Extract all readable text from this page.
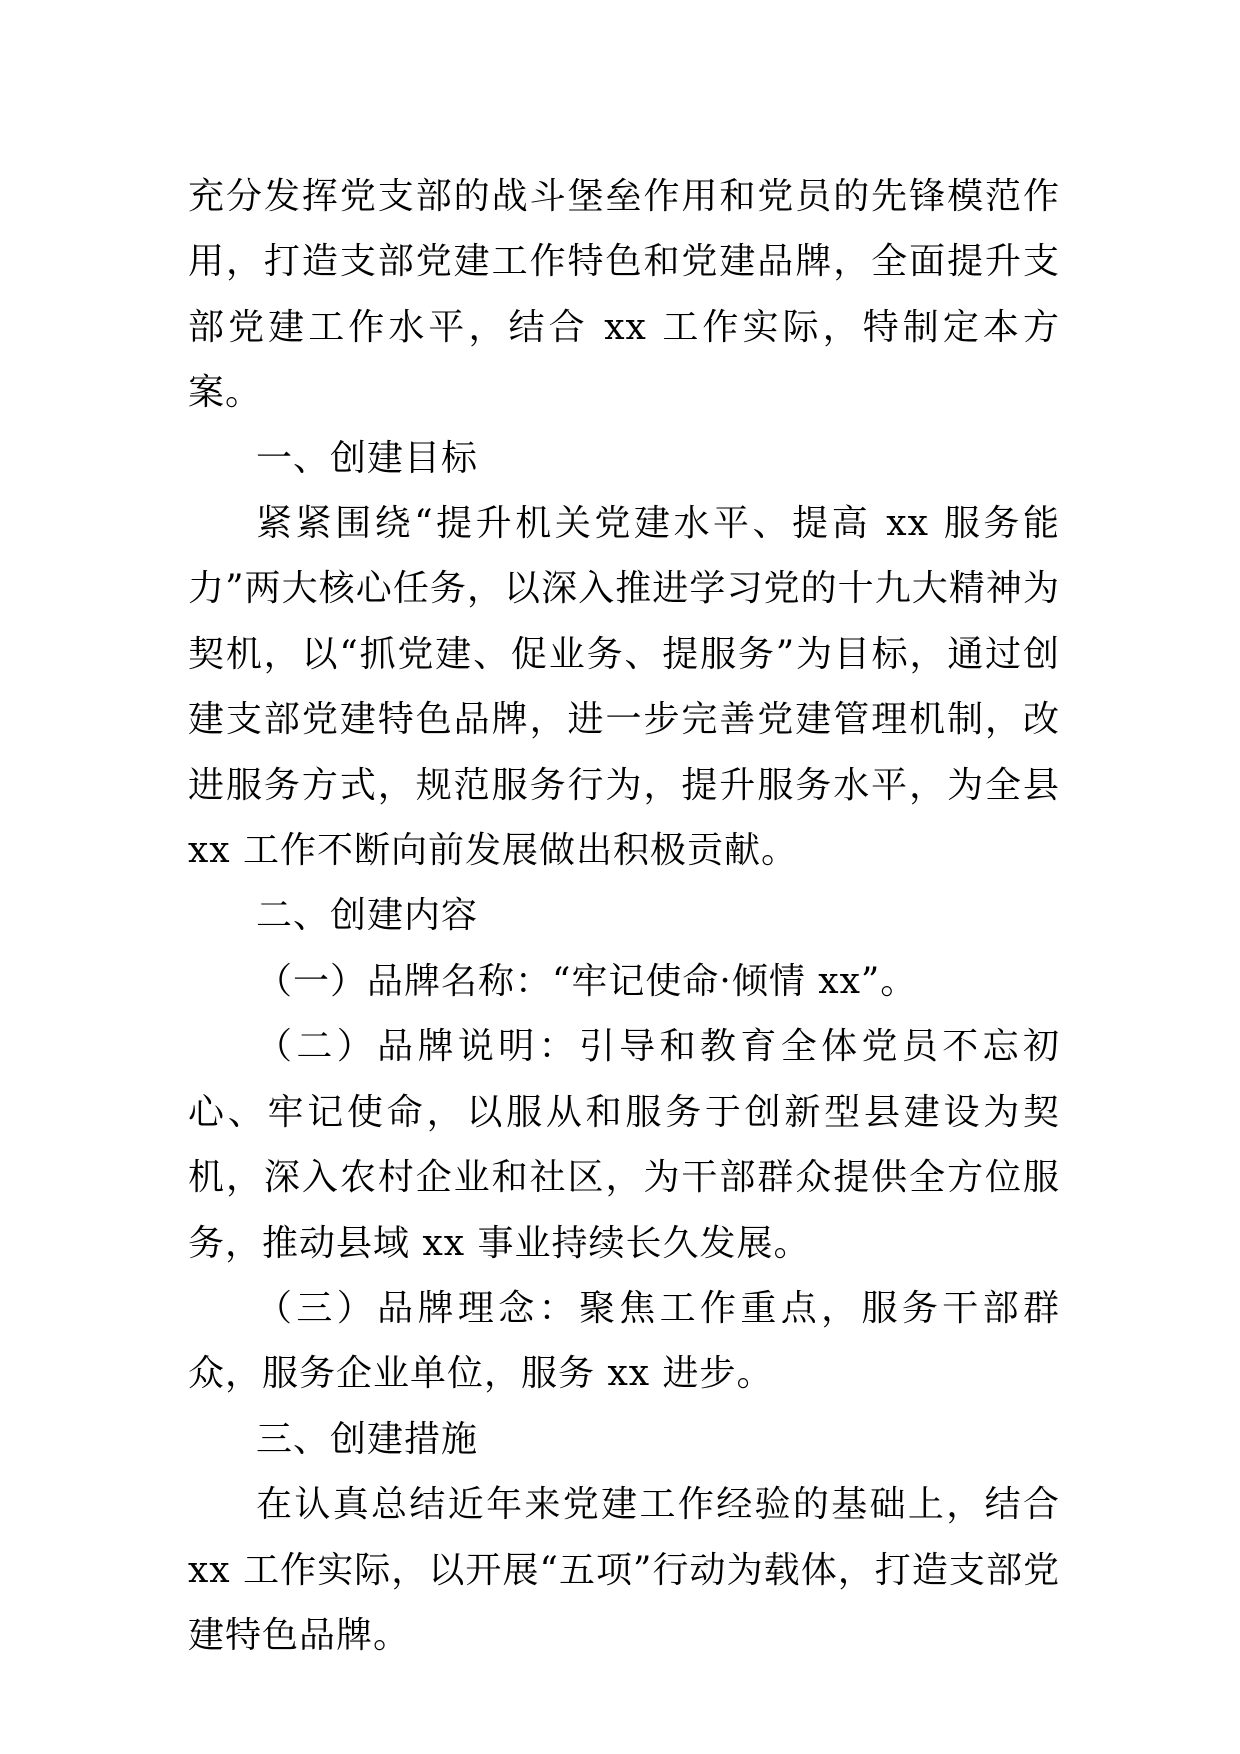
充分发挥党支部的战斗堡垒作用和党员的先锋模范作用，打造支部党建工作特色和党建品牌，全面提升支部党建工作水平，结合 xx 工作实际，特制定本方案。

一、创建目标

紧紧围绕“提升机关党建水平、提高 xx 服务能力”两大核心任务，以深入推进学习党的十九大精神为契机，以“抓党建、促业务、提服务”为目标，通过创建支部党建特色品牌，进一步完善党建管理机制，改进服务方式，规范服务行为，提升服务水平，为全县 xx 工作不断向前发展做出积极贡献。

二、创建内容

（一）品牌名称：“牢记使命·倾情 xx”。

（二）品牌说明：引导和教育全体党员不忘初心、牢记使命，以服从和服务于创新型县建设为契机，深入农村企业和社区，为干部群众提供全方位服务，推动县域 xx 事业持续长久发展。

（三）品牌理念：聚焦工作重点，服务干部群众，服务企业单位，服务 xx 进步。

三、创建措施

在认真总结近年来党建工作经验的基础上，结合 xx 工作实际，以开展“五项”行动为载体，打造支部党建特色品牌。
